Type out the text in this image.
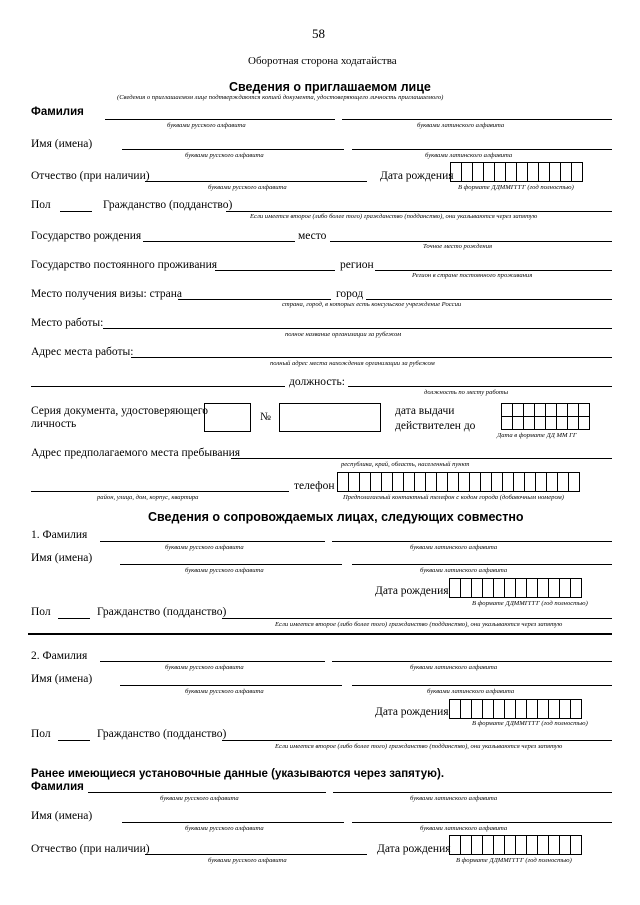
58
Оборотная сторона ходатайства
Сведения о приглашаемом лице
(Сведения о приглашаемом лице подтверждаются копией документа, удостоверяющего личность приглашаемого)
Фамилия
буквами русского алфавита	буквами латинского алфавита
Имя (имена)
буквами русского алфавита	буквами латинского алфавита
Отчество (при наличии)
буквами русского алфавита
Дата рождения
В формате ДДММГГГГ (год полностью)
Пол	Гражданство (подданство)
Если имеется второе (либо более того) гражданство (подданство), они указываются через запятую
Государство рождения	место
Точное место рождения
Государство постоянного проживания	регион
Регион в стране постоянного проживания
Место получения визы: страна	город
страна, город, в которых есть консульское учреждение России
Место работы:
полное название организации за рубежом
Адрес места работы:
полный адрес места нахождения организации за рубежом
должность:
должность по месту работы
Серия документа, удостоверяющего
личность
№	дата выдачи
действителен до
Дата в формате ДД ММ ГГ
Адрес предполагаемого места пребывания
республика, край, область, населенный пункт
район, улица, дом, корпус, квартира
телефон
Предполагаемый контактный телефон с кодом города (добавочным номером)
Сведения о сопровождаемых лицах, следующих совместно
1. Фамилия
буквами русского алфавита	буквами латинского алфавита
Имя (имена)
буквами русского алфавита	буквами латинского алфавита
Дата рождения
В формате ДДММГГГГ (год полностью)
Пол	Гражданство (подданство)
Если имеется второе (либо более того) гражданство (подданство), они указываются через запятую
2. Фамилия
буквами русского алфавита	буквами латинского алфавита
Имя (имена)
буквами русского алфавита	буквами латинского алфавита
Дата рождения
В формате ДДММГГГГ (год полностью)
Пол	Гражданство (подданство)
Если имеется второе (либо более того) гражданство (подданство), они указываются через запятую
Ранее имеющиеся установочные данные (указываются через запятую).
Фамилия
буквами русского алфавита	буквами латинского алфавита
Имя (имена)
буквами русского алфавита	буквами латинского алфавита
Отчество (при наличии)
буквами русского алфавита
Дата рождения
В формате ДДММГГГГ (год полностью)
